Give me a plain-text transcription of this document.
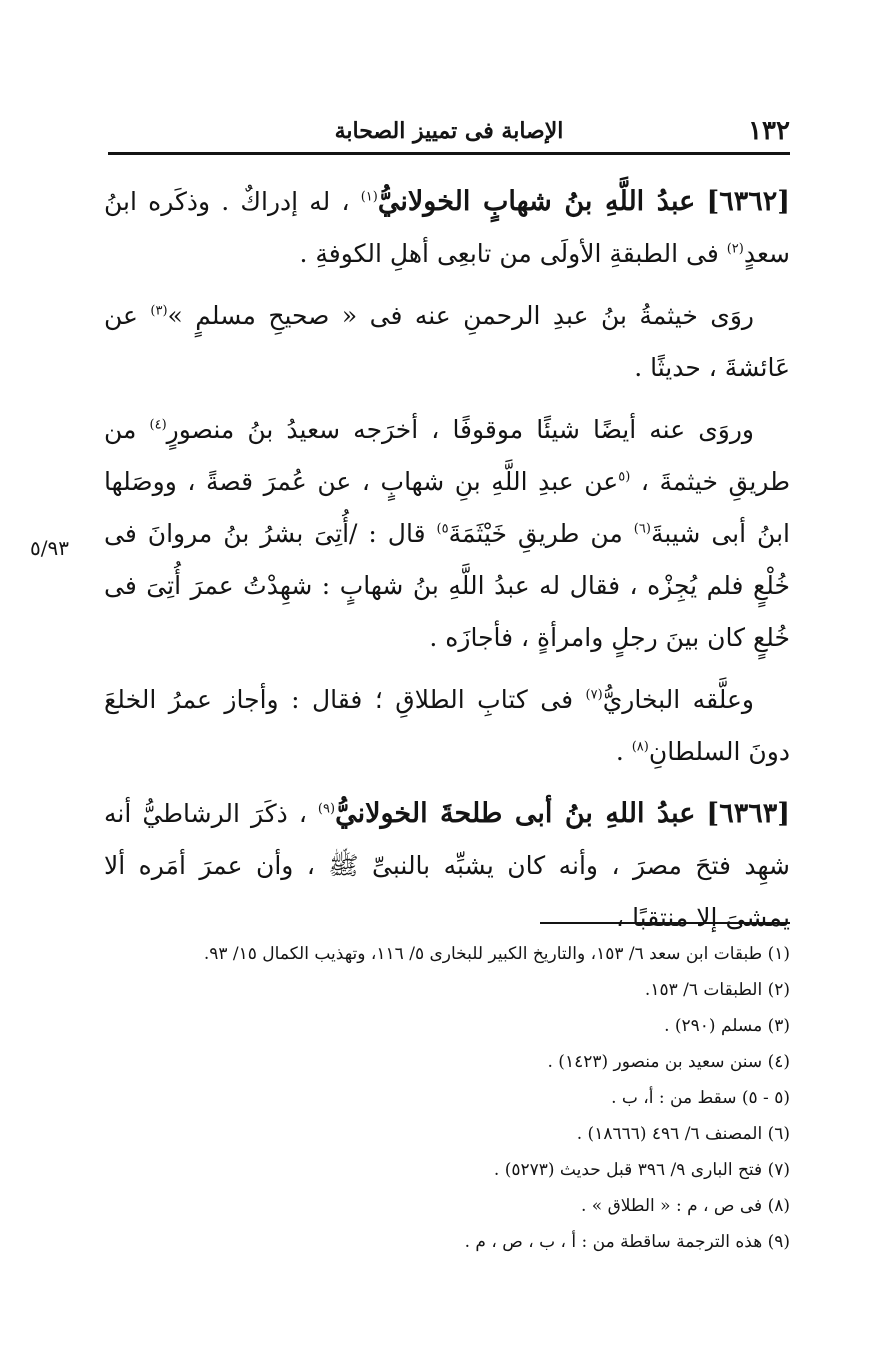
١٣٢
الإصابة فى تمييز الصحابة
٥/٩٣

[٦٣٦٢] عبدُ اللَّهِ بنُ شهابٍ الخولانيُّ$^{(١)}$ ، له إدراكٌ . وذكَره ابنُ سعدٍ$^{(٢)}$ فى الطبقةِ الأولَى من تابعِى أهلِ الكوفةِ .

روَى خيثمةُ بنُ عبدِ الرحمنِ عنه فى « صحيحِ مسلمٍ »$^{(٣)}$ عن عَائشةَ ، حديثًا .

وروَى عنه أيضًا شيئًا موقوفًا ، أخرَجه سعيدُ بنُ منصورٍ$^{(٤)}$ من طريقِ خيثمةَ ، $^{(٥}$عن عبدِ اللَّهِ بنِ شهابٍ ، عن عُمرَ قصةً ، ووصَلها ابنُ أبى شيبةَ$^{(٦)}$ من طريقِ خَيْثَمَةَ$^{٥)}$ قال : /أُتِىَ بشرُ بنُ مروانَ فى خُلْعٍ فلم يُجِزْه ، فقال له عبدُ اللَّهِ بنُ شهابٍ : شهِدْتُ عمرَ أُتِىَ فى خُلعٍ كان بينَ رجلٍ وامرأةٍ ، فأجازَه .

وعلَّقه البخاريُّ$^{(٧)}$ فى كتابِ الطلاقِ ؛ فقال : وأجاز عمرُ الخلعَ دونَ السلطانِ$^{(٨)}$ .

[٦٣٦٣] عبدُ اللهِ بنُ أبى طلحةَ الخولانيُّ$^{(٩)}$ ، ذكَرَ الرشاطيُّ أنه شهِد فتحَ مصرَ ، وأنه كان يشبِّه بالنبىِّ ﷺ ، وأن عمرَ أمَره ألا يمشىَ إلا منتقبًا ،

(١) طبقات ابن سعد ٦/ ١٥٣، والتاريخ الكبير للبخارى ٥/ ١١٦، وتهذيب الكمال ١٥/ ٩٣.

(٢) الطبقات ٦/ ١٥٣.

(٣) مسلم (٢٩٠) .

(٤) سنن سعيد بن منصور (١٤٢٣) .

(٥ - ٥) سقط من : أ، ب .

(٦) المصنف ٦/ ٤٩٦ (١٨٦٦٦) .

(٧) فتح البارى ٩/ ٣٩٦ قبل حديث (٥٢٧٣) .

(٨) فى ص ، م : « الطلاق » .

(٩) هذه الترجمة ساقطة من : أ ، ب ، ص ، م .
